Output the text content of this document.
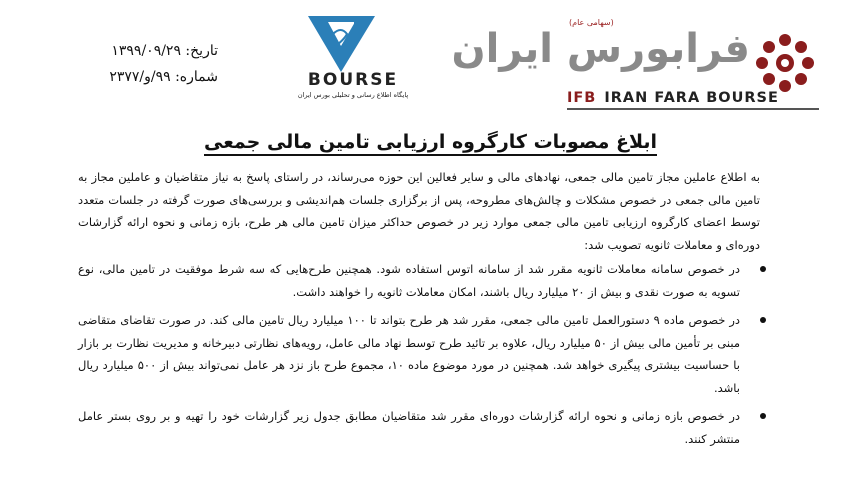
تاریخ: ۱۳۹۹/۰۹/۲۹
شماره: ۹۹/و/۲۳۷۷	BOURSE
پایگاه اطلاع رسانی و تحلیلی بورس ایران
(سهامی عام)
فرابورس ایران
IFB IRAN FARA BOURSE
ابلاغ مصوبات کارگروه ارزیابی تامین مالی جمعی

به اطلاع عاملین مجاز تامین مالی جمعی، نهادهای مالی و سایر فعالین این حوزه می‌رساند، در راستای پاسخ به نیاز متقاضیان و عاملین مجاز به تامین مالی جمعی در خصوص مشکلات و چالش‌های مطروحه، پس از برگزاری جلسات هم‌اندیشی و بررسی‌های صورت گرفته در جلسات متعدد توسط اعضای کارگروه ارزیابی تامین مالی جمعی موارد زیر در خصوص حداکثر میزان تامین مالی هر طرح، بازه زمانی و نحوه ارائه گزارشات دوره‌ای و معاملات ثانویه تصویب شد:

در خصوص سامانه معاملات ثانویه مقرر شد از سامانه اتوس استفاده شود. همچنین طرح‌هایی که سه شرط موفقیت در تامین مالی، نوع تسویه به صورت نقدی و بیش از ۲۰ میلیارد ریال باشند، امکان معاملات ثانویه را خواهند داشت.
در خصوص ماده ۹ دستورالعمل تامین مالی جمعی، مقرر شد هر طرح بتواند تا ۱۰۰ میلیارد ریال تامین مالی کند. در صورت تقاضای متقاضی مبنی بر تأمین مالی بیش از ۵۰ میلیارد ریال، علاوه بر تائید طرح توسط نهاد مالی عامل، رویه‌های نظارتی دبیرخانه و مدیریت نظارت بر بازار با حساسیت بیشتری پیگیری خواهد شد. همچنین در مورد موضوع ماده ۱۰، مجموع طرح باز نزد هر عامل نمی‌تواند بیش از ۵۰۰ میلیارد ریال باشد.
در خصوص بازه زمانی و نحوه ارائه گزارشات دوره‌ای مقرر شد متقاضیان مطابق جدول زیر گزارشات خود را تهیه و بر روی بستر عامل منتشر کنند.
